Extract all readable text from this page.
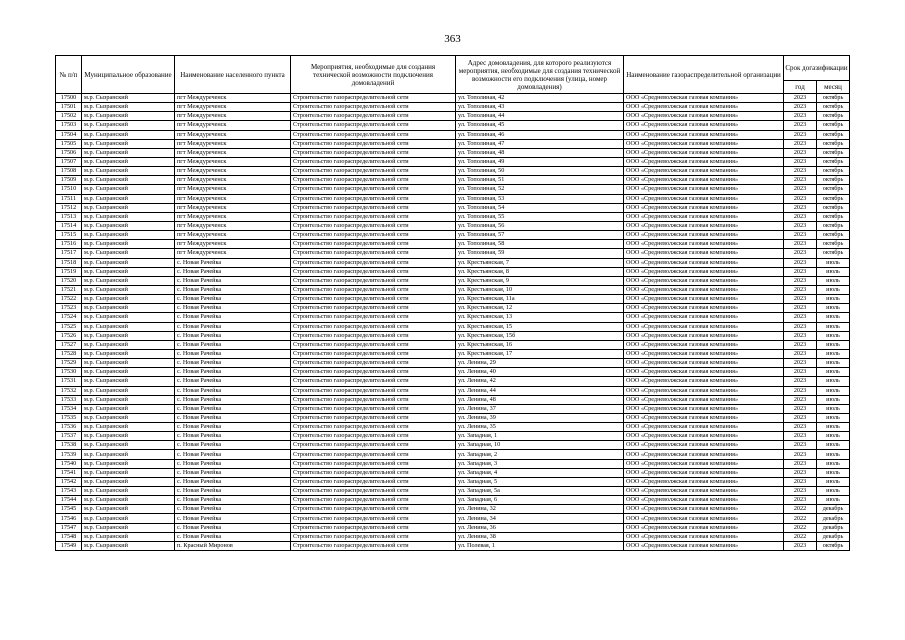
363
№ п/п	Муниципальное образование	Наименование населенного пункта	Мероприятия, необходимые для создания технической возможности подключения домовладений	Адрес домовладения, для которого реализуются мероприятия, необходимые для создания технической возможности его подключения (улица, номер домовладения)	Наименование газораспределительной организации	Срок догазификации	
						год	месяц
17500	м.р. Сызранский	пгт Междуреченск	Строительство газораспределительной сети	ул. Тополиная, 42	ООО «Средневолжская газовая компания»	2023	октябрь
17501	м.р. Сызранский	пгт Междуреченск	Строительство газораспределительной сети	ул. Тополиная, 43	ООО «Средневолжская газовая компания»	2023	октябрь
17502	м.р. Сызранский	пгт Междуреченск	Строительство газораспределительной сети	ул. Тополиная, 44	ООО «Средневолжская газовая компания»	2023	октябрь
17503	м.р. Сызранский	пгт Междуреченск	Строительство газораспределительной сети	ул. Тополиная, 45	ООО «Средневолжская газовая компания»	2023	октябрь
17504	м.р. Сызранский	пгт Междуреченск	Строительство газораспределительной сети	ул. Тополиная, 46	ООО «Средневолжская газовая компания»	2023	октябрь
17505	м.р. Сызранский	пгт Междуреченск	Строительство газораспределительной сети	ул. Тополиная, 47	ООО «Средневолжская газовая компания»	2023	октябрь
17506	м.р. Сызранский	пгт Междуреченск	Строительство газораспределительной сети	ул. Тополиная, 48	ООО «Средневолжская газовая компания»	2023	октябрь
17507	м.р. Сызранский	пгт Междуреченск	Строительство газораспределительной сети	ул. Тополиная, 49	ООО «Средневолжская газовая компания»	2023	октябрь
17508	м.р. Сызранский	пгт Междуреченск	Строительство газораспределительной сети	ул. Тополиная, 50	ООО «Средневолжская газовая компания»	2023	октябрь
17509	м.р. Сызранский	пгт Междуреченск	Строительство газораспределительной сети	ул. Тополиная, 51	ООО «Средневолжская газовая компания»	2023	октябрь
17510	м.р. Сызранский	пгт Междуреченск	Строительство газораспределительной сети	ул. Тополиная, 52	ООО «Средневолжская газовая компания»	2023	октябрь
17511	м.р. Сызранский	пгт Междуреченск	Строительство газораспределительной сети	ул. Тополиная, 53	ООО «Средневолжская газовая компания»	2023	октябрь
17512	м.р. Сызранский	пгт Междуреченск	Строительство газораспределительной сети	ул. Тополиная, 54	ООО «Средневолжская газовая компания»	2023	октябрь
17513	м.р. Сызранский	пгт Междуреченск	Строительство газораспределительной сети	ул. Тополиная, 55	ООО «Средневолжская газовая компания»	2023	октябрь
17514	м.р. Сызранский	пгт Междуреченск	Строительство газораспределительной сети	ул. Тополиная, 56	ООО «Средневолжская газовая компания»	2023	октябрь
17515	м.р. Сызранский	пгт Междуреченск	Строительство газораспределительной сети	ул. Тополиная, 57	ООО «Средневолжская газовая компания»	2023	октябрь
17516	м.р. Сызранский	пгт Междуреченск	Строительство газораспределительной сети	ул. Тополиная, 58	ООО «Средневолжская газовая компания»	2023	октябрь
17517	м.р. Сызранский	пгт Междуреченск	Строительство газораспределительной сети	ул. Тополиная, 59	ООО «Средневолжская газовая компания»	2023	октябрь
17518	м.р. Сызранский	с. Новая Рачейка	Строительство газораспределительной сети	ул. Крестьянская, 7	ООО «Средневолжская газовая компания»	2023	июль
17519	м.р. Сызранский	с. Новая Рачейка	Строительство газораспределительной сети	ул. Крестьянская, 8	ООО «Средневолжская газовая компания»	2023	июль
17520	м.р. Сызранский	с. Новая Рачейка	Строительство газораспределительной сети	ул. Крестьянская, 9	ООО «Средневолжская газовая компания»	2023	июль
17521	м.р. Сызранский	с. Новая Рачейка	Строительство газораспределительной сети	ул. Крестьянская, 10	ООО «Средневолжская газовая компания»	2023	июль
17522	м.р. Сызранский	с. Новая Рачейка	Строительство газораспределительной сети	ул. Крестьянская, 11а	ООО «Средневолжская газовая компания»	2023	июль
17523	м.р. Сызранский	с. Новая Рачейка	Строительство газораспределительной сети	ул. Крестьянская, 12	ООО «Средневолжская газовая компания»	2023	июль
17524	м.р. Сызранский	с. Новая Рачейка	Строительство газораспределительной сети	ул. Крестьянская, 13	ООО «Средневолжская газовая компания»	2023	июль
17525	м.р. Сызранский	с. Новая Рачейка	Строительство газораспределительной сети	ул. Крестьянская, 15	ООО «Средневолжская газовая компания»	2023	июль
17526	м.р. Сызранский	с. Новая Рачейка	Строительство газораспределительной сети	ул. Крестьянская, 15б	ООО «Средневолжская газовая компания»	2023	июль
17527	м.р. Сызранский	с. Новая Рачейка	Строительство газораспределительной сети	ул. Крестьянская, 16	ООО «Средневолжская газовая компания»	2023	июль
17528	м.р. Сызранский	с. Новая Рачейка	Строительство газораспределительной сети	ул. Крестьянская, 17	ООО «Средневолжская газовая компания»	2023	июль
17529	м.р. Сызранский	с. Новая Рачейка	Строительство газораспределительной сети	ул. Ленина, 29	ООО «Средневолжская газовая компания»	2023	июль
17530	м.р. Сызранский	с. Новая Рачейка	Строительство газораспределительной сети	ул. Ленина, 40	ООО «Средневолжская газовая компания»	2023	июль
17531	м.р. Сызранский	с. Новая Рачейка	Строительство газораспределительной сети	ул. Ленина, 42	ООО «Средневолжская газовая компания»	2023	июль
17532	м.р. Сызранский	с. Новая Рачейка	Строительство газораспределительной сети	ул. Ленина, 44	ООО «Средневолжская газовая компания»	2023	июль
17533	м.р. Сызранский	с. Новая Рачейка	Строительство газораспределительной сети	ул. Ленина, 48	ООО «Средневолжская газовая компания»	2023	июль
17534	м.р. Сызранский	с. Новая Рачейка	Строительство газораспределительной сети	ул. Ленина, 37	ООО «Средневолжская газовая компания»	2023	июль
17535	м.р. Сызранский	с. Новая Рачейка	Строительство газораспределительной сети	ул. Ленина, 39	ООО «Средневолжская газовая компания»	2023	июль
17536	м.р. Сызранский	с. Новая Рачейка	Строительство газораспределительной сети	ул. Ленина, 35	ООО «Средневолжская газовая компания»	2023	июль
17537	м.р. Сызранский	с. Новая Рачейка	Строительство газораспределительной сети	ул. Западная, 1	ООО «Средневолжская газовая компания»	2023	июль
17538	м.р. Сызранский	с. Новая Рачейка	Строительство газораспределительной сети	ул. Западная, 10	ООО «Средневолжская газовая компания»	2023	июль
17539	м.р. Сызранский	с. Новая Рачейка	Строительство газораспределительной сети	ул. Западная, 2	ООО «Средневолжская газовая компания»	2023	июль
17540	м.р. Сызранский	с. Новая Рачейка	Строительство газораспределительной сети	ул. Западная, 3	ООО «Средневолжская газовая компания»	2023	июль
17541	м.р. Сызранский	с. Новая Рачейка	Строительство газораспределительной сети	ул. Западная, 4	ООО «Средневолжская газовая компания»	2023	июль
17542	м.р. Сызранский	с. Новая Рачейка	Строительство газораспределительной сети	ул. Западная, 5	ООО «Средневолжская газовая компания»	2023	июль
17543	м.р. Сызранский	с. Новая Рачейка	Строительство газораспределительной сети	ул. Западная, 5а	ООО «Средневолжская газовая компания»	2023	июль
17544	м.р. Сызранский	с. Новая Рачейка	Строительство газораспределительной сети	ул. Западная, 6	ООО «Средневолжская газовая компания»	2023	июль
17545	м.р. Сызранский	с. Новая Рачейка	Строительство газораспределительной сети	ул. Ленина, 32	ООО «Средневолжская газовая компания»	2022	декабрь
17546	м.р. Сызранский	с. Новая Рачейка	Строительство газораспределительной сети	ул. Ленина, 34	ООО «Средневолжская газовая компания»	2022	декабрь
17547	м.р. Сызранский	с. Новая Рачейка	Строительство газораспределительной сети	ул. Ленина, 36	ООО «Средневолжская газовая компания»	2022	декабрь
17548	м.р. Сызранский	с. Новая Рачейка	Строительство газораспределительной сети	ул. Ленина, 38	ООО «Средневолжская газовая компания»	2022	декабрь
17549	м.р. Сызранский	п. Красный Миронов	Строительство газораспределительной сети	ул. Полевая, 1	ООО «Средневолжская газовая компания»	2023	октябрь
